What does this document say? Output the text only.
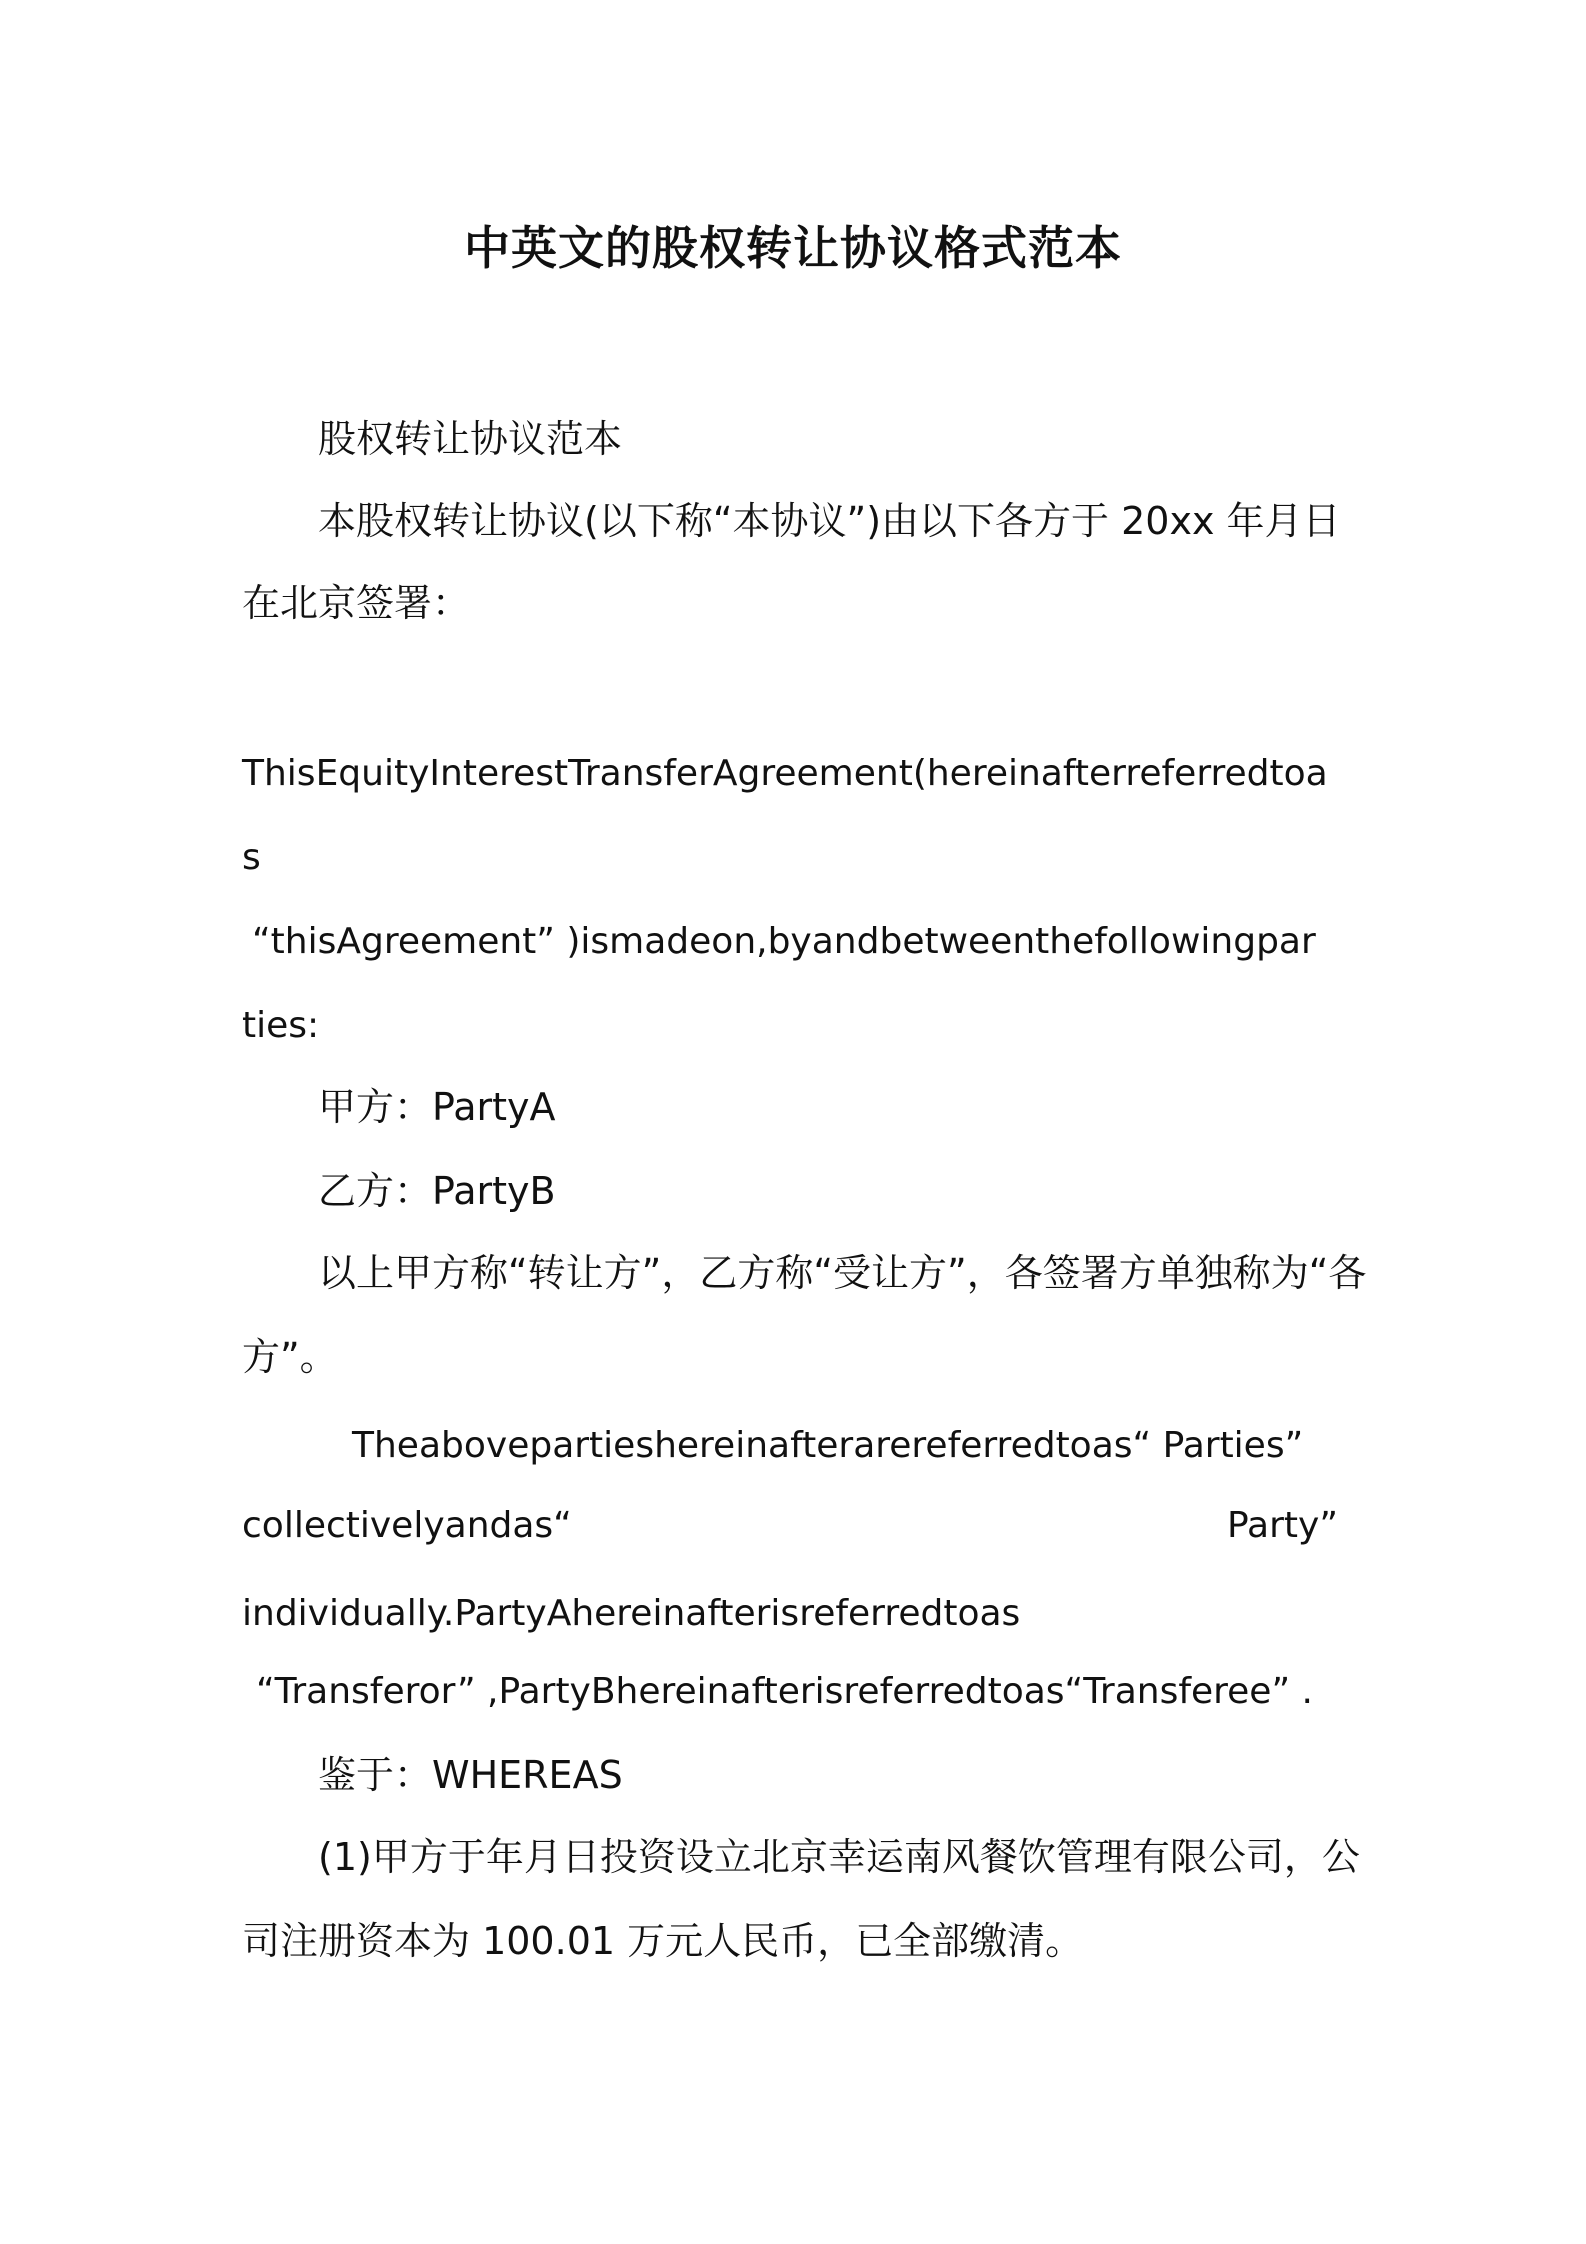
中英文的股权转让协议格式范本
股权转让协议范本
本股权转让协议(以下称“本协议”)由以下各方于 20xx 年月日
在北京签署：
ThisEquityInterestTransferAgreement(hereinafterreferredtoa
s
“thisAgreement” )ismadeon,byandbetweenthefollowingpar
ties:
甲方：PartyA
乙方：PartyB
以上甲方称“转让方”，乙方称“受让方”，各签署方单独称为“各
方”。
Theabovepartieshereinafterarereferredtoas“ Parties”
collectivelyandas“	Party”
individually.PartyAhereinafterisreferredtoas
“Transferor” ,PartyBhereinafterisreferredtoas“Transferee” .
鉴于：WHEREAS
(1)甲方于年月日投资设立北京幸运南风餐饮管理有限公司，公
司注册资本为 100.01 万元人民币，已全部缴清。
